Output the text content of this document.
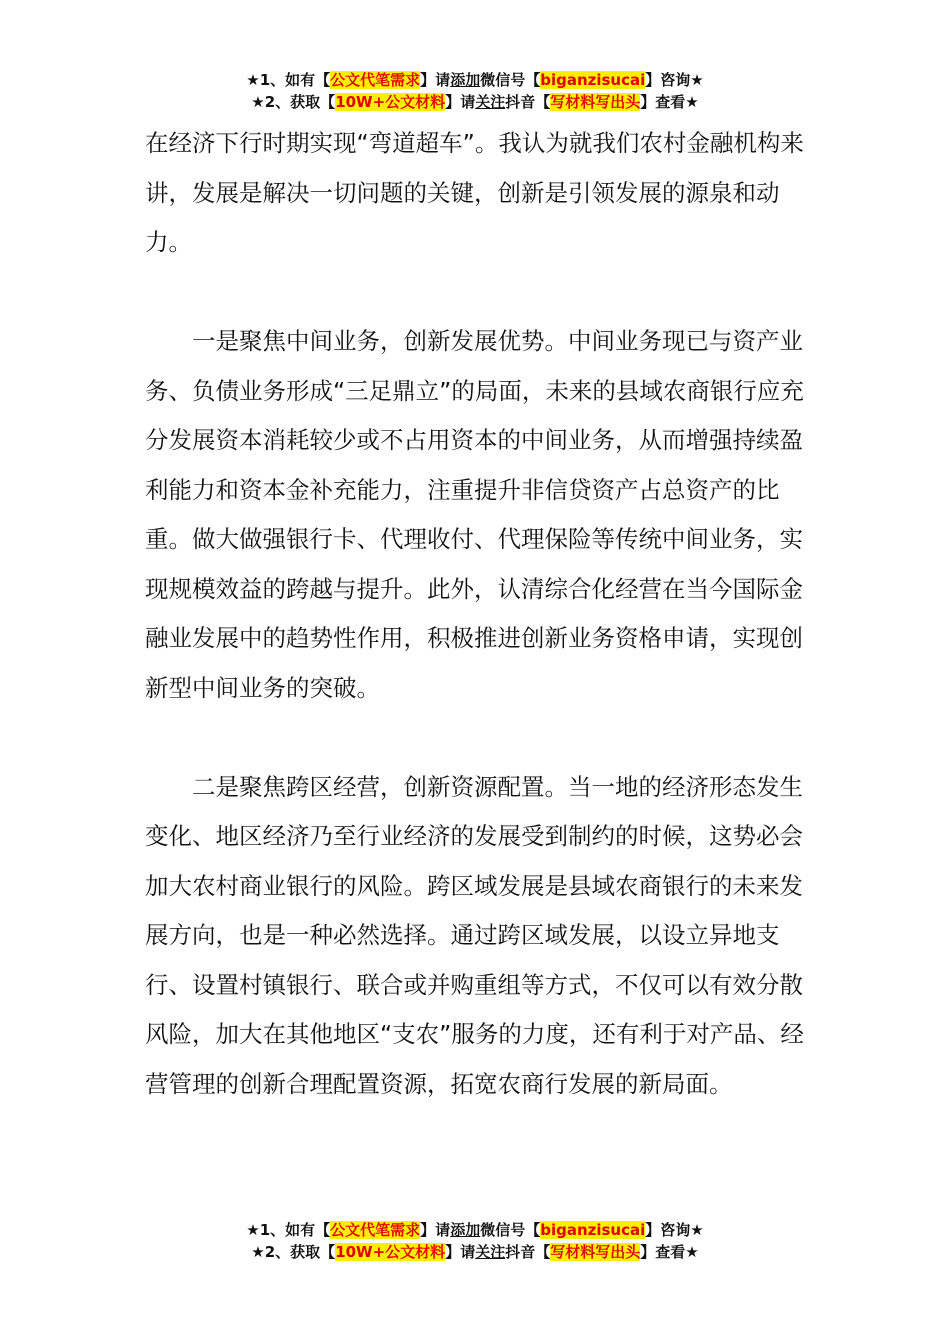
★1、如有【公文代笔需求】请添加微信号【biganzisucai】咨询★
★2、获取【10W+公文材料】请关注抖音【写材料写出头】查看★

在经济下行时期实现“弯道超车”。我认为就我们农村金融机构来讲，发展是解决一切问题的关键，创新是引领发展的源泉和动力。

一是聚焦中间业务，创新发展优势。中间业务现已与资产业务、负债业务形成“三足鼎立”的局面，未来的县域农商银行应充分发展资本消耗较少或不占用资本的中间业务，从而增强持续盈利能力和资本金补充能力，注重提升非信贷资产占总资产的比重。做大做强银行卡、代理收付、代理保险等传统中间业务，实现规模效益的跨越与提升。此外，认清综合化经营在当今国际金融业发展中的趋势性作用，积极推进创新业务资格申请，实现创新型中间业务的突破。

二是聚焦跨区经营，创新资源配置。当一地的经济形态发生变化、地区经济乃至行业经济的发展受到制约的时候，这势必会加大农村商业银行的风险。跨区域发展是县域农商银行的未来发展方向，也是一种必然选择。通过跨区域发展，以设立异地支行、设置村镇银行、联合或并购重组等方式，不仅可以有效分散风险，加大在其他地区“支农”服务的力度，还有利于对产品、经营管理的创新合理配置资源，拓宽农商行发展的新局面。

★1、如有【公文代笔需求】请添加微信号【biganzisucai】咨询★
★2、获取【10W+公文材料】请关注抖音【写材料写出头】查看★
